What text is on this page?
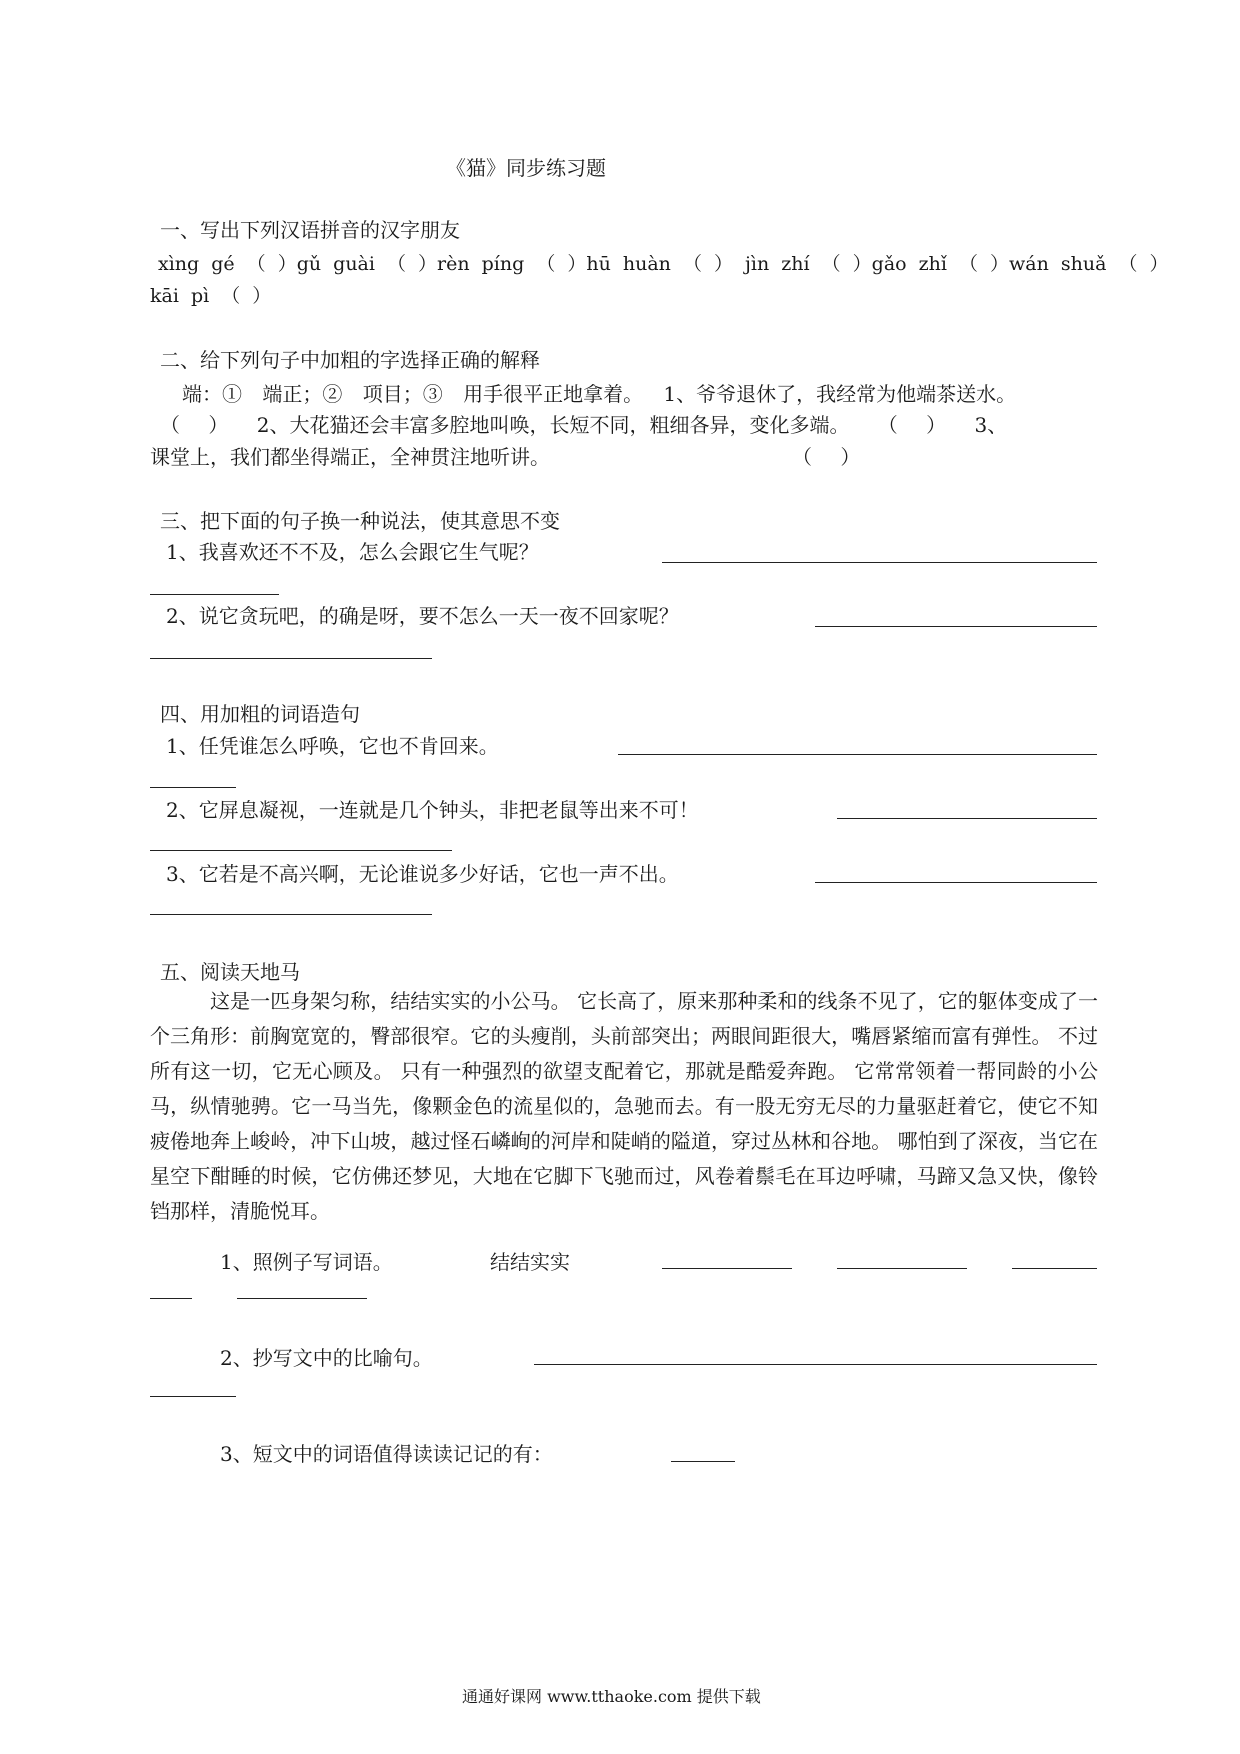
《猫》同步练习题
一、写出下列汉语拼音的汉字朋友
xìng gé （ ）gǔ guài （ ）rèn píng （ ）hū huàn （ ） jìn zhí （ ）gǎo zhǐ （ ）wán shuǎ （ ）
kāi pì （ ）
二、给下列句子中加粗的字选择正确的解释
端：① 端正；② 项目；③ 用手很平正地拿着。 1、爷爷退休了，我经常为他端茶送水。
（ ） 2、大花猫还会丰富多腔地叫唤，长短不同，粗细各异，变化多端。 （ ） 3、
课堂上，我们都坐得端正，全神贯注地听讲。	（ ）
三、把下面的句子换一种说法，使其意思不变
1、我喜欢还不不及，怎么会跟它生气呢？
2、说它贪玩吧，的确是呀，要不怎么一天一夜不回家呢？
四、用加粗的词语造句
1、任凭谁怎么呼唤，它也不肯回来。
2、它屏息凝视，一连就是几个钟头，非把老鼠等出来不可！
3、它若是不高兴啊，无论谁说多少好话，它也一声不出。
五、阅读天地马
这是一匹身架匀称，结结实实的小公马。 它长高了，原来那种柔和的线条不见了，它的躯体变成了一个三角形：前胸宽宽的，臀部很窄。它的头瘦削，头前部突出；两眼间距很大，嘴唇紧缩而富有弹性。 不过所有这一切，它无心顾及。 只有一种强烈的欲望支配着它，那就是酷爱奔跑。 它常常领着一帮同龄的小公马，纵情驰骋。它一马当先，像颗金色的流星似的，急驰而去。有一股无穷无尽的力量驱赶着它，使它不知疲倦地奔上峻岭，冲下山坡，越过怪石嶙峋的河岸和陡峭的隘道，穿过丛林和谷地。 哪怕到了深夜，当它在星空下酣睡的时候，它仿佛还梦见，大地在它脚下飞驰而过，风卷着鬃毛在耳边呼啸，马蹄又急又快，像铃铛那样，清脆悦耳。
1、照例子写词语。	结结实实
2、抄写文中的比喻句。
3、短文中的词语值得读读记记的有：
通通好课网 www.tthaoke.com 提供下载
